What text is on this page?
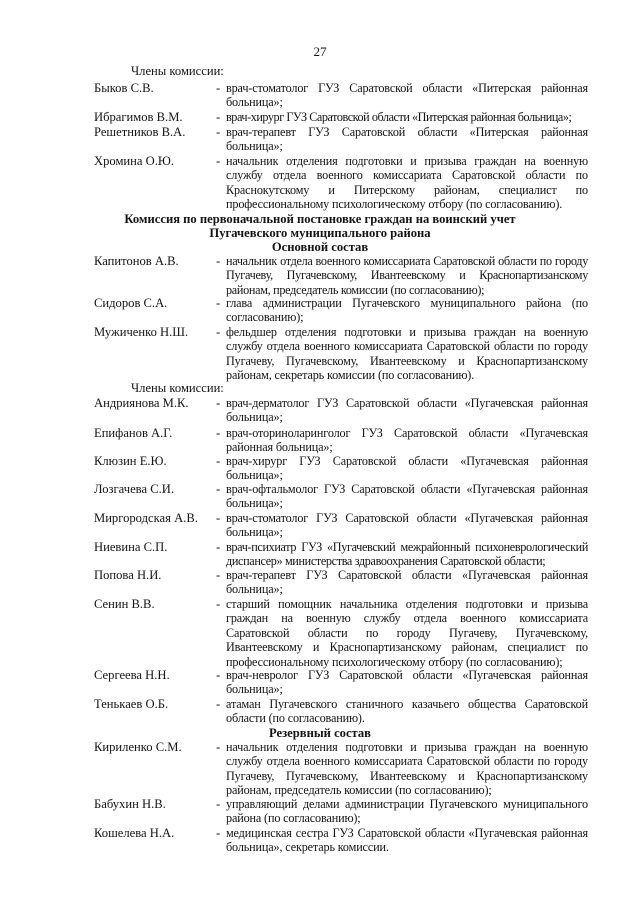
27
Члены комиссии:
Быков С.В.	- врач-стоматолог ГУЗ Саратовской области «Питерская районная больница»;
Ибрагимов В.М.	- врач-хирург ГУЗ Саратовской области «Питерская районная больница»;
Решетников В.А. - врач-терапевт ГУЗ Саратовской области «Питерская районная больница»;
Хромина О.Ю.	- начальник отделения подготовки и призыва граждан на военную службу отдела военного комиссариата Саратовской области по Краснокутскому и Питерскому районам, специалист по профессиональному психологическому отбору (по согласованию).
Комиссия по первоначальной постановке граждан на воинский учет
Пугачевского муниципального района
Основной состав
Капитонов А.В.	- начальник отдела военного комиссариата Саратовской области по городу Пугачеву, Пугачевскому, Ивантеевскому и Краснопартизанскому районам, председатель комиссии (по согласованию);
Сидоров С.А.	- глава администрации Пугачевского муниципального района (по согласованию);
Мужиченко Н.Ш. - фельдшер отделения подготовки и призыва граждан на военную службу отдела военного комиссариата Саратовской области по городу Пугачеву, Пугачевскому, Ивантеевскому и Краснопартизанскому районам, секретарь комиссии (по согласованию).
Члены комиссии:
Андриянова М.К. - врач-дерматолог ГУЗ Саратовской области «Пугачевская районная больница»;
Епифанов А.Г.	- врач-оториноларинголог ГУЗ Саратовской области «Пугачевская районная больница»;
Клюзин Е.Ю.	- врач-хирург ГУЗ Саратовской области «Пугачевская районная больница»;
Лозгачева С.И.	- врач-офтальмолог ГУЗ Саратовской области «Пугачевская районная больница»;
Миргородская А.В. - врач-стоматолог ГУЗ Саратовской области «Пугачевская районная больница»;
Ниевина С.П.	- врач-психиатр ГУЗ «Пугачевский межрайонный психоневрологический диспансер» министерства здравоохранения Саратовской области;
Попова Н.И.	- врач-терапевт ГУЗ Саратовской области «Пугачевская районная больница»;
Сенин В.В.	- старший помощник начальника отделения подготовки и призыва граждан на военную службу отдела военного комиссариата Саратовской области по городу Пугачеву, Пугачевскому, Ивантеевскому и Краснопартизанскому районам, специалист по профессиональному психологическому отбору (по согласованию);
Сергеева Н.Н.	- врач-невролог ГУЗ Саратовской области «Пугачевская районная больница»;
Тенькаев О.Б.	- атаман Пугачевского станичного казачьего общества Саратовской области (по согласованию).
Резервный состав
Кириленко С.М.	- начальник отделения подготовки и призыва граждан на военную службу отдела военного комиссариата Саратовской области по городу Пугачеву, Пугачевскому, Ивантеевскому и Краснопартизанскому районам, председатель комиссии (по согласованию);
Бабухин Н.В.	- управляющий делами администрации Пугачевского муниципального района (по согласованию);
Кошелева Н.А.	- медицинская сестра ГУЗ Саратовской области «Пугачевская районная больница», секретарь комиссии.
